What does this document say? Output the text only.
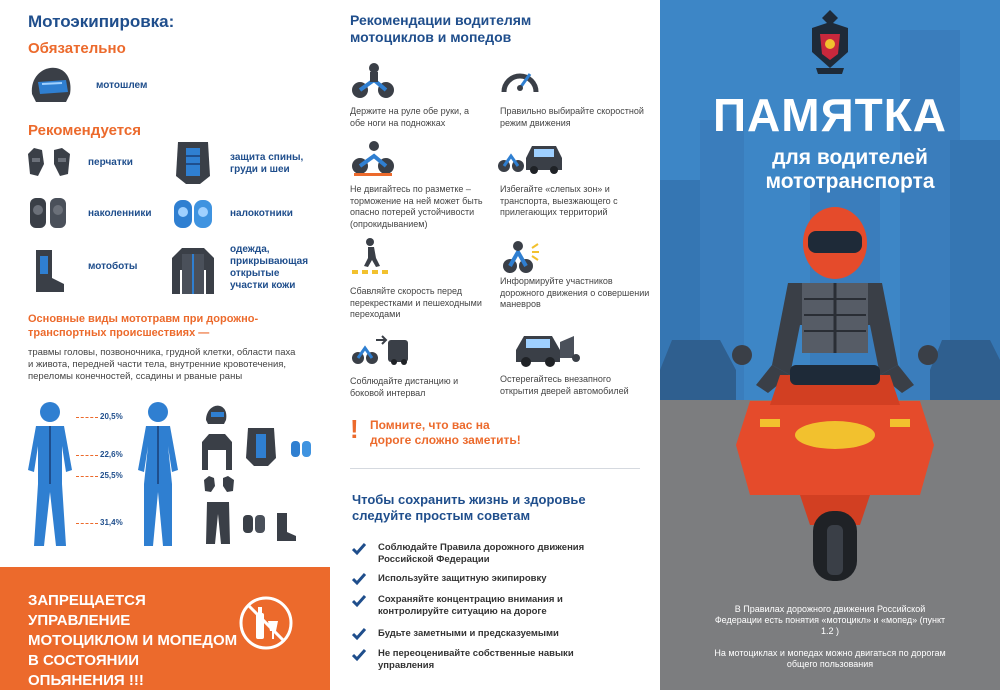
Мотоэкипировка:
Обязательно
мотошлем
Рекомендуется
перчатки	защита спины, груди и шеи
наколенники	налокотники
мотоботы
одежда, прикрывающая открытые участки кожи
Основные виды мототравм при дорожно-транспортных происшествиях —
травмы головы, позвоночника, грудной клетки, области паха и живота, передней части тела, внутренние кровотечения, переломы конечностей, ссадины и рваные раны
20,5%
22,6%
25,5%
31,4%
ЗАПРЕЩАЕТСЯ УПРАВЛЕНИЕ МОТОЦИКЛОМ И МОПЕДОМ В СОСТОЯНИИ ОПЬЯНЕНИЯ !!!
Рекомендации водителям мотоциклов и мопедов
Держите на руле обе руки, а обе ноги на подножках
Правильно выбирайте скоростной режим движения
Не двигайтесь по разметке – торможение на ней может быть опасно потерей устойчивости (опрокидыванием)
Избегайте «слепых зон» и транспорта, выезжающего с прилегающих территорий
Сбавляйте скорость перед перекрестками и пешеходными переходами
Информируйте участников дорожного движения о совершении маневров
Соблюдайте дистанцию и боковой интервал
Остерегайтесь внезапного открытия дверей автомобилей
! Помните, что вас на дороге сложно заметить!
Чтобы сохранить жизнь и здоровье следуйте простым советам
Соблюдайте Правила дорожного движения Российской Федерации
Используйте защитную экипировку
Сохраняйте концентрацию внимания и контролируйте ситуацию на дороге
Будьте заметными и предсказуемыми
Не переоценивайте собственные навыки управления
ПАМЯТКА
для водителей мототранспорта
В Правилах дорожного движения Российской Федерации есть понятия «мотоцикл» и «мопед» (пункт 1.2 )
На мотоциклах и мопедах можно двигаться по дорогам общего пользования
